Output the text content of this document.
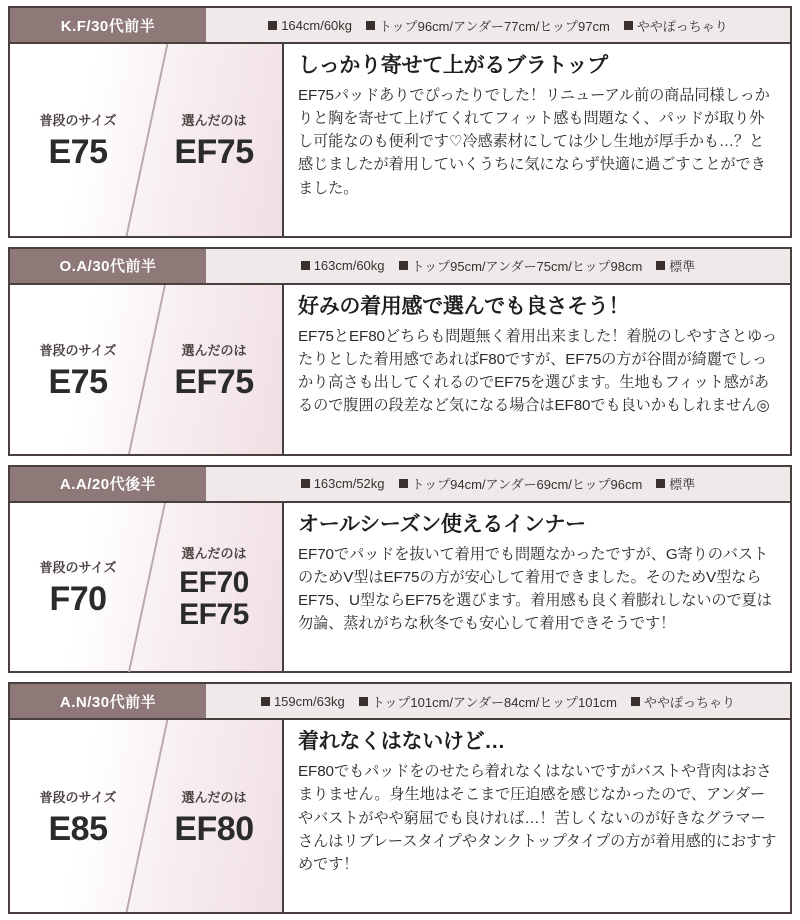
K.F/30代前半	164cm/60kg トップ96cm/アンダー77cm/ヒップ97cm ややぽっちゃり
普段のサイズ
E75
選んだのは
EF75
しっかり寄せて上がるブラトップ
EF75パッドありでぴったりでした！リニューアル前の商品同様しっかりと胸を寄せて上げてくれてフィット感も問題なく、パッドが取り外し可能なのも便利です♡冷感素材にしては少し生地が厚手かも…？と感じましたが着用していくうちに気にならず快適に過ごすことができました。
O.A/30代前半	163cm/60kg トップ95cm/アンダー75cm/ヒップ98cm 標準
普段のサイズ
E75
選んだのは
EF75
好みの着用感で選んでも良さそう！
EF75とEF80どちらも問題無く着用出来ました！着脱のしやすさとゆったりとした着用感であればF80ですが、EF75の方が谷間が綺麗でしっかり高さも出してくれるのでEF75を選びます。生地もフィット感があるので腹囲の段差など気になる場合はEF80でも良いかもしれません◎
A.A/20代後半	163cm/52kg トップ94cm/アンダー69cm/ヒップ96cm 標準
普段のサイズ
F70
選んだのは
EF70
EF75
オールシーズン使えるインナー
EF70でパッドを抜いて着用でも問題なかったですが、G寄りのバストのためV型はEF75の方が安心して着用できました。そのためV型ならEF75、U型ならEF75を選びます。着用感も良く着膨れしないので夏は勿論、蒸れがちな秋冬でも安心して着用できそうです！
A.N/30代前半	159cm/63kg トップ101cm/アンダー84cm/ヒップ101cm ややぽっちゃり
普段のサイズ
E85
選んだのは
EF80
着れなくはないけど…
EF80でもパッドをのせたら着れなくはないですがバストや背肉はおさまりません。身生地はそこまで圧迫感を感じなかったので、アンダーやバストがやや窮屈でも良ければ…！苦しくないのが好きなグラマーさんはリブレースタイプやタンクトップタイプの方が着用感的におすすめです！
